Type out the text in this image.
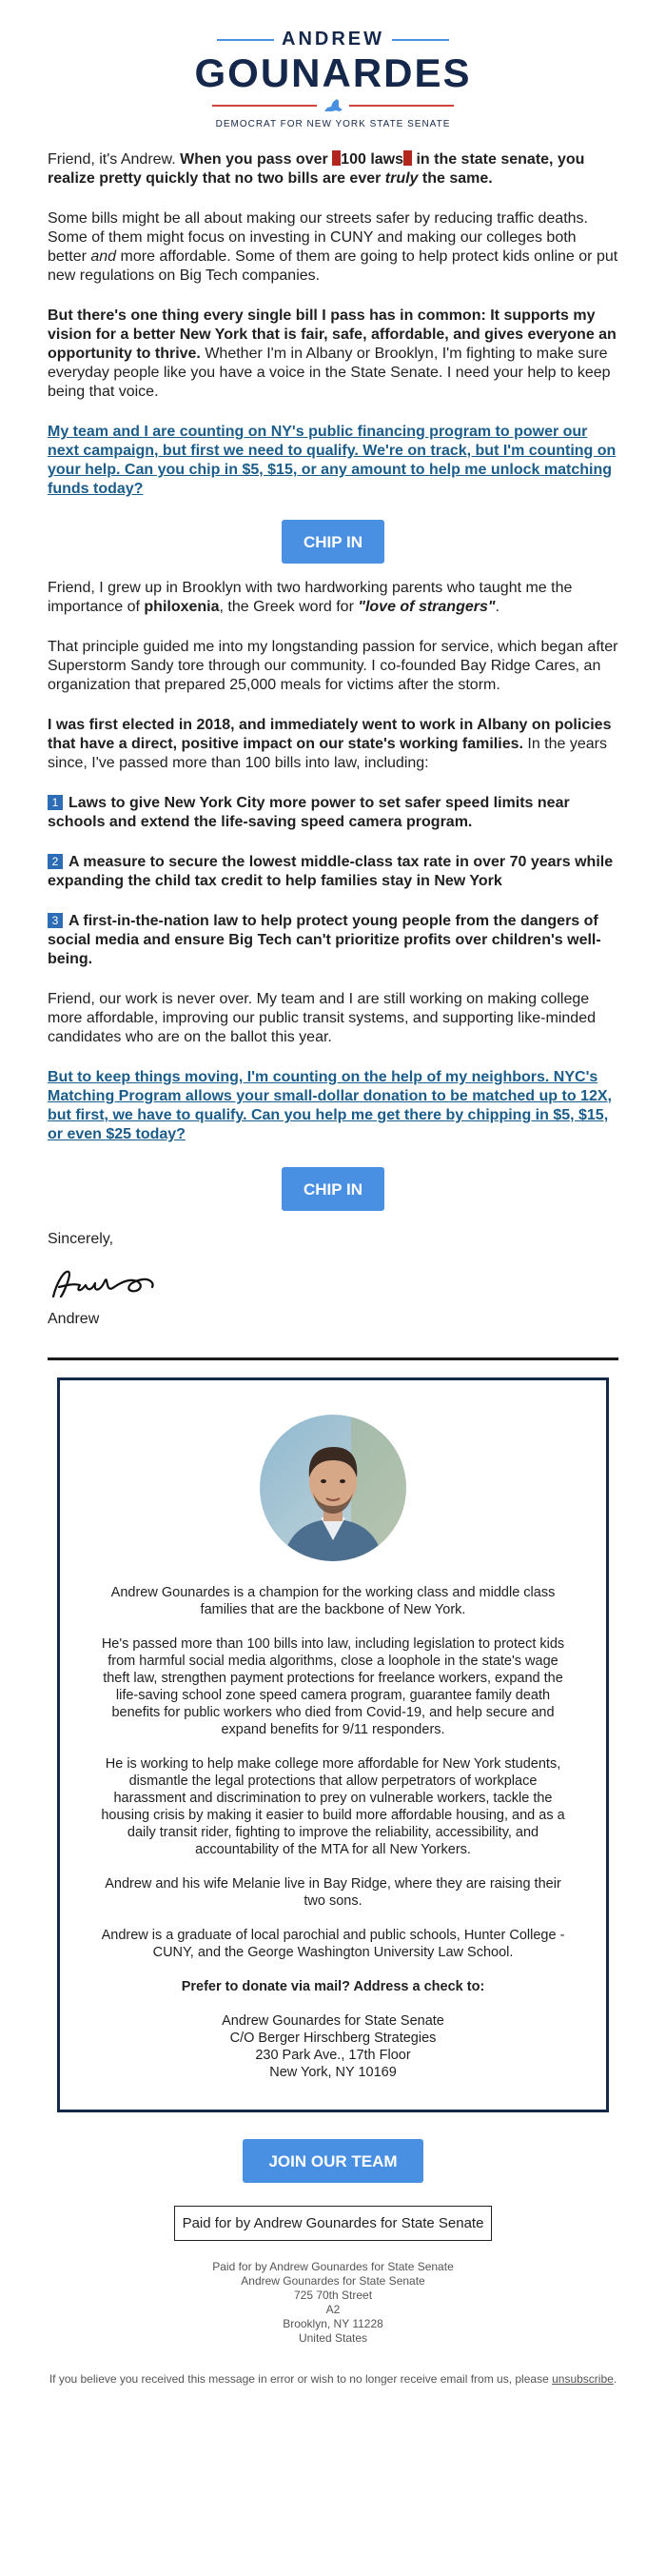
ANDREW
GOUNARDES
DEMOCRAT FOR NEW YORK STATE SENATE

Friend, it's Andrew. When you pass over 100 laws in the state senate, you realize pretty quickly that no two bills are ever truly the same.

Some bills might be all about making our streets safer by reducing traffic deaths. Some of them might focus on investing in CUNY and making our colleges both better and more affordable. Some of them are going to help protect kids online or put new regulations on Big Tech companies.

But there's one thing every single bill I pass has in common: It supports my vision for a better New York that is fair, safe, affordable, and gives everyone an opportunity to thrive. Whether I'm in Albany or Brooklyn, I'm fighting to make sure everyday people like you have a voice in the State Senate. I need your help to keep being that voice.

My team and I are counting on NY's public financing program to power our next campaign, but first we need to qualify. We're on track, but I'm counting on your help. Can you chip in $5, $15, or any amount to help me unlock matching funds today?

CHIP IN

Friend, I grew up in Brooklyn with two hardworking parents who taught me the importance of philoxenia, the Greek word for "love of strangers".

That principle guided me into my longstanding passion for service, which began after Superstorm Sandy tore through our community. I co-founded Bay Ridge Cares, an organization that prepared 25,000 meals for victims after the storm.

I was first elected in 2018, and immediately went to work in Albany on policies that have a direct, positive impact on our state's working families. In the years since, I've passed more than 100 bills into law, including:

1 Laws to give New York City more power to set safer speed limits near schools and extend the life-saving speed camera program.

2 A measure to secure the lowest middle-class tax rate in over 70 years while expanding the child tax credit to help families stay in New York

3 A first-in-the-nation law to help protect young people from the dangers of social media and ensure Big Tech can't prioritize profits over children's well-being.

Friend, our work is never over. My team and I are still working on making college more affordable, improving our public transit systems, and supporting like-minded candidates who are on the ballot this year.

But to keep things moving, I'm counting on the help of my neighbors. NYC's Matching Program allows your small-dollar donation to be matched up to 12X, but first, we have to qualify. Can you help me get there by chipping in $5, $15, or even $25 today?

CHIP IN

Sincerely,

Andrew

Andrew Gounardes is a champion for the working class and middle class families that are the backbone of New York.

He's passed more than 100 bills into law, including legislation to protect kids from harmful social media algorithms, close a loophole in the state's wage theft law, strengthen payment protections for freelance workers, expand the life-saving school zone speed camera program, guarantee family death benefits for public workers who died from Covid-19, and help secure and expand benefits for 9/11 responders.

He is working to help make college more affordable for New York students, dismantle the legal protections that allow perpetrators of workplace harassment and discrimination to prey on vulnerable workers, tackle the housing crisis by making it easier to build more affordable housing, and as a daily transit rider, fighting to improve the reliability, accessibility, and accountability of the MTA for all New Yorkers.

Andrew and his wife Melanie live in Bay Ridge, where they are raising their two sons.

Andrew is a graduate of local parochial and public schools, Hunter College - CUNY, and the George Washington University Law School.

Prefer to donate via mail? Address a check to:

Andrew Gounardes for State Senate

C/O Berger Hirschberg Strategies

230 Park Ave., 17th Floor

New York, NY 10169

JOIN OUR TEAM
Paid for by Andrew Gounardes for State Senate
Paid for by Andrew Gounardes for State Senate
Andrew Gounardes for State Senate
725 70th Street
A2
Brooklyn, NY 11228
United States
If you believe you received this message in error or wish to no longer receive email from us, please unsubscribe.
